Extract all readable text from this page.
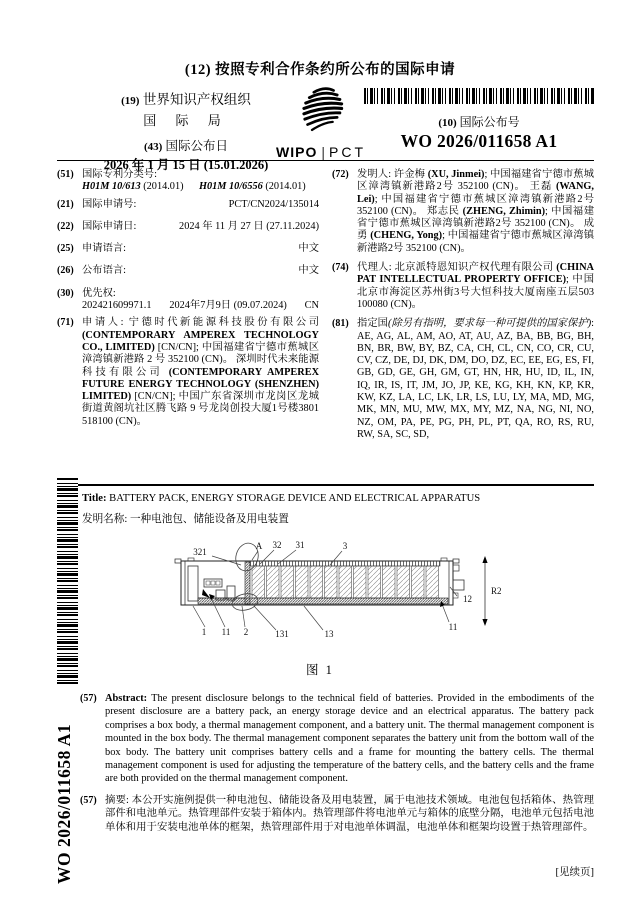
(12) 按照专利合作条约所公布的国际申请
(19) 世界知识产权组织
国 际 局
(43) 国际公布日
2026 年 1 月 15 日 (15.01.2026)
WIPO | PCT
(10) 国际公布号
WO 2026/011658 A1
(51) 国际专利分类号:
H01M 10/613 (2014.01)  H01M 10/6556 (2014.01)
(21) 国际申请号:	PCT/CN2024/135014
(22) 国际申请日:	2024 年 11 月 27 日 (27.11.2024)
(25) 申请语言:	中文
(26) 公布语言:	中文
(30) 优先权:
202421609971.1 2024年7月9日 (09.07.2024) CN
(71) 申请人: 宁德时代新能源科技股份有限公司 (CONTEMPORARY AMPEREX TECHNOLOGY CO., LIMITED) [CN/CN]; 中国福建省宁德市蕉城区漳湾镇新港路 2 号 352100 (CN)。 深圳时代未来能源科技有限公司 (CONTEMPORARY AMPEREX FUTURE ENERGY TECHNOLOGY (SHENZHEN) LIMITED) [CN/CN]; 中国广东省深圳市龙岗区龙城街道黄阁坑社区腾飞路 9 号龙岗创投大厦1号楼3801 518100 (CN)。
(72) 发明人: 许金梅 (XU, Jinmei); 中国福建省宁德市蕉城区漳湾镇新港路2号 352100 (CN)。 王磊 (WANG, Lei); 中国福建省宁德市蕉城区漳湾镇新港路2号 352100 (CN)。 郑志民 (ZHENG, Zhimin); 中国福建省宁德市蕉城区漳湾镇新港路2号 352100 (CN)。 成勇 (CHENG, Yong); 中国福建省宁德市蕉城区漳湾镇新港路2号 352100 (CN)。
(74) 代理人: 北京派特恩知识产权代理有限公司 (CHINA PAT INTELLECTUAL PROPERTY OFFICE); 中国北京市海淀区苏州街3号大恒科技大厦南座五层503 100080 (CN)。
(81) 指定国(除另有指明，要求每一种可提供的国家保护): AE, AG, AL, AM, AO, AT, AU, AZ, BA, BB, BG, BH, BN, BR, BW, BY, BZ, CA, CH, CL, CN, CO, CR, CU, CV, CZ, DE, DJ, DK, DM, DO, DZ, EC, EE, EG, ES, FI, GB, GD, GE, GH, GM, GT, HN, HR, HU, ID, IL, IN, IQ, IR, IS, IT, JM, JO, JP, KE, KG, KH, KN, KP, KR, KW, KZ, LA, LC, LK, LR, LS, LU, LY, MA, MD, MG, MK, MN, MU, MW, MX, MY, MZ, NA, NG, NI, NO, NZ, OM, PA, PE, PG, PH, PL, PT, QA, RO, RS, RU, RW, SA, SC, SD,
Title: BATTERY PACK, ENERGY STORAGE DEVICE AND ELECTRICAL APPARATUS
发明名称: 一种电池包、储能设备及用电装置
321
A 32 31	3
1 11 2	131	13
11
12
R2
图 1
WO 2026/011658 A1
(57) Abstract: The present disclosure belongs to the technical field of batteries. Provided in the embodiments of the present disclosure are a battery pack, an energy storage device and an electrical apparatus. The battery pack comprises a box body, a thermal management component, and a battery unit. The thermal management component is mounted in the box body. The thermal management component separates the battery unit from the bottom wall of the box body. The battery unit comprises battery cells and a frame for mounting the battery cells. The thermal management component is used for adjusting the temperature of the battery cells, and the battery cells and the frame are both provided on the thermal management component.
(57) 摘要: 本公开实施例提供一种电池包、储能设备及用电装置，属于电池技术领域。电池包包括箱体、热管理部件和电池单元。热管理部件安装于箱体内。热管理部件将电池单元与箱体的底壁分隔，电池单元包括电池单体和用于安装电池单体的框架，热管理部件用于对电池单体调温，电池单体和框架均设置于热管理部件。
[见续页]
